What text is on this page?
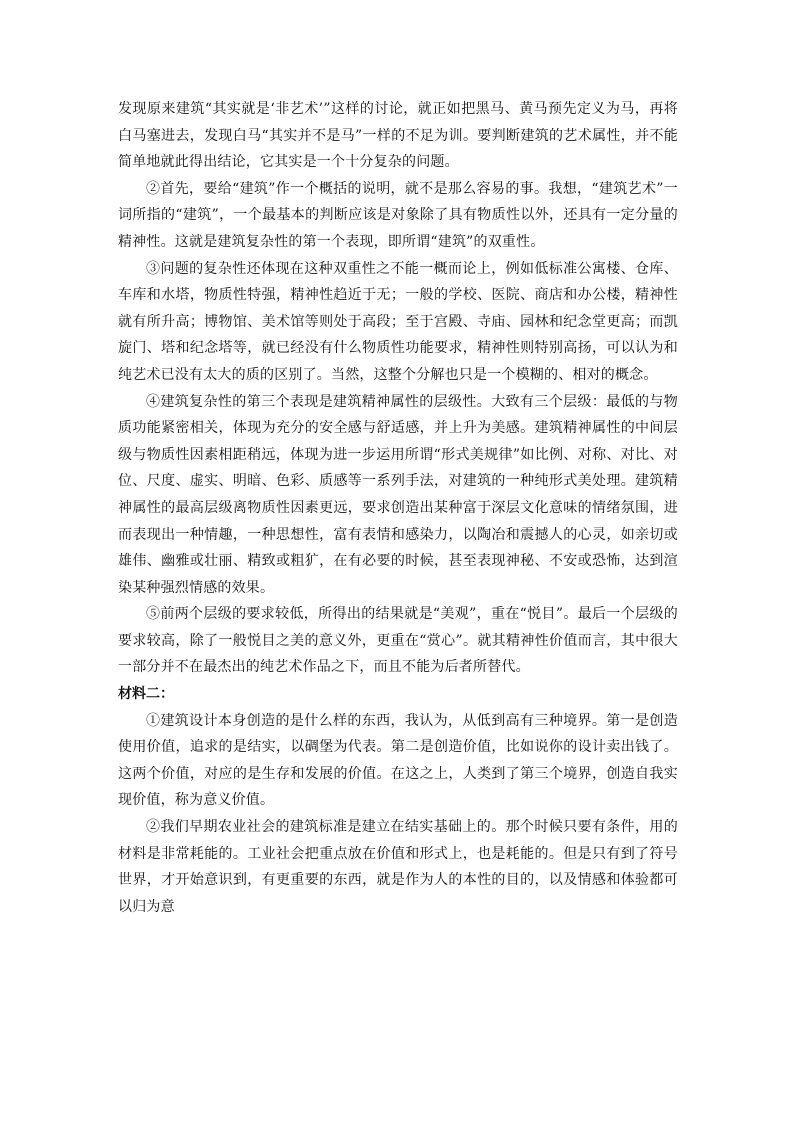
发现原来建筑“其实就是‘非艺术’”这样的讨论，就正如把黑马、黄马预先定义为马，再将白马塞进去，发现白马“其实并不是马”一样的不足为训。要判断建筑的艺术属性，并不能简单地就此得出结论，它其实是一个十分复杂的问题。

②首先，要给“建筑”作一个概括的说明，就不是那么容易的事。我想，“建筑艺术”一词所指的“建筑”，一个最基本的判断应该是对象除了具有物质性以外，还具有一定分量的精神性。这就是建筑复杂性的第一个表现，即所谓“建筑”的双重性。

③问题的复杂性还体现在这种双重性之不能一概而论上，例如低标准公寓楼、仓库、车库和水塔，物质性特强，精神性趋近于无；一般的学校、医院、商店和办公楼，精神性就有所升高；博物馆、美术馆等则处于高段；至于宫殿、寺庙、园林和纪念堂更高；而凯旋门、塔和纪念塔等，就已经没有什么物质性功能要求，精神性则特别高扬，可以认为和纯艺术已没有太大的质的区别了。当然，这整个分解也只是一个模糊的、相对的概念。

④建筑复杂性的第三个表现是建筑精神属性的层级性。大致有三个层级：最低的与物质功能紧密相关，体现为充分的安全感与舒适感，并上升为美感。建筑精神属性的中间层级与物质性因素相距稍远，体现为进一步运用所谓“形式美规律”如比例、对称、对比、对位、尺度、虚实、明暗、色彩、质感等一系列手法，对建筑的一种纯形式美处理。建筑精神属性的最高层级离物质性因素更远，要求创造出某种富于深层文化意味的情绪氛围，进而表现出一种情趣，一种思想性，富有表情和感染力，以陶冶和震撼人的心灵，如亲切或雄伟、幽雅或壮丽、精致或粗犷，在有必要的时候，甚至表现神秘、不安或恐怖，达到渲染某种强烈情感的效果。

⑤前两个层级的要求较低，所得出的结果就是“美观”，重在“悦目”。最后一个层级的要求较高，除了一般悦目之美的意义外，更重在“赏心”。就其精神性价值而言，其中很大一部分并不在最杰出的纯艺术作品之下，而且不能为后者所替代。

材料二：

①建筑设计本身创造的是什么样的东西，我认为，从低到高有三种境界。第一是创造使用价值，追求的是结实，以碉堡为代表。第二是创造价值，比如说你的设计卖出钱了。这两个价值，对应的是生存和发展的价值。在这之上，人类到了第三个境界，创造自我实现价值，称为意义价值。

②我们早期农业社会的建筑标准是建立在结实基础上的。那个时候只要有条件，用的材料是非常耗能的。工业社会把重点放在价值和形式上，也是耗能的。但是只有到了符号世界，才开始意识到，有更重要的东西，就是作为人的本性的目的，以及情感和体验都可以归为意
